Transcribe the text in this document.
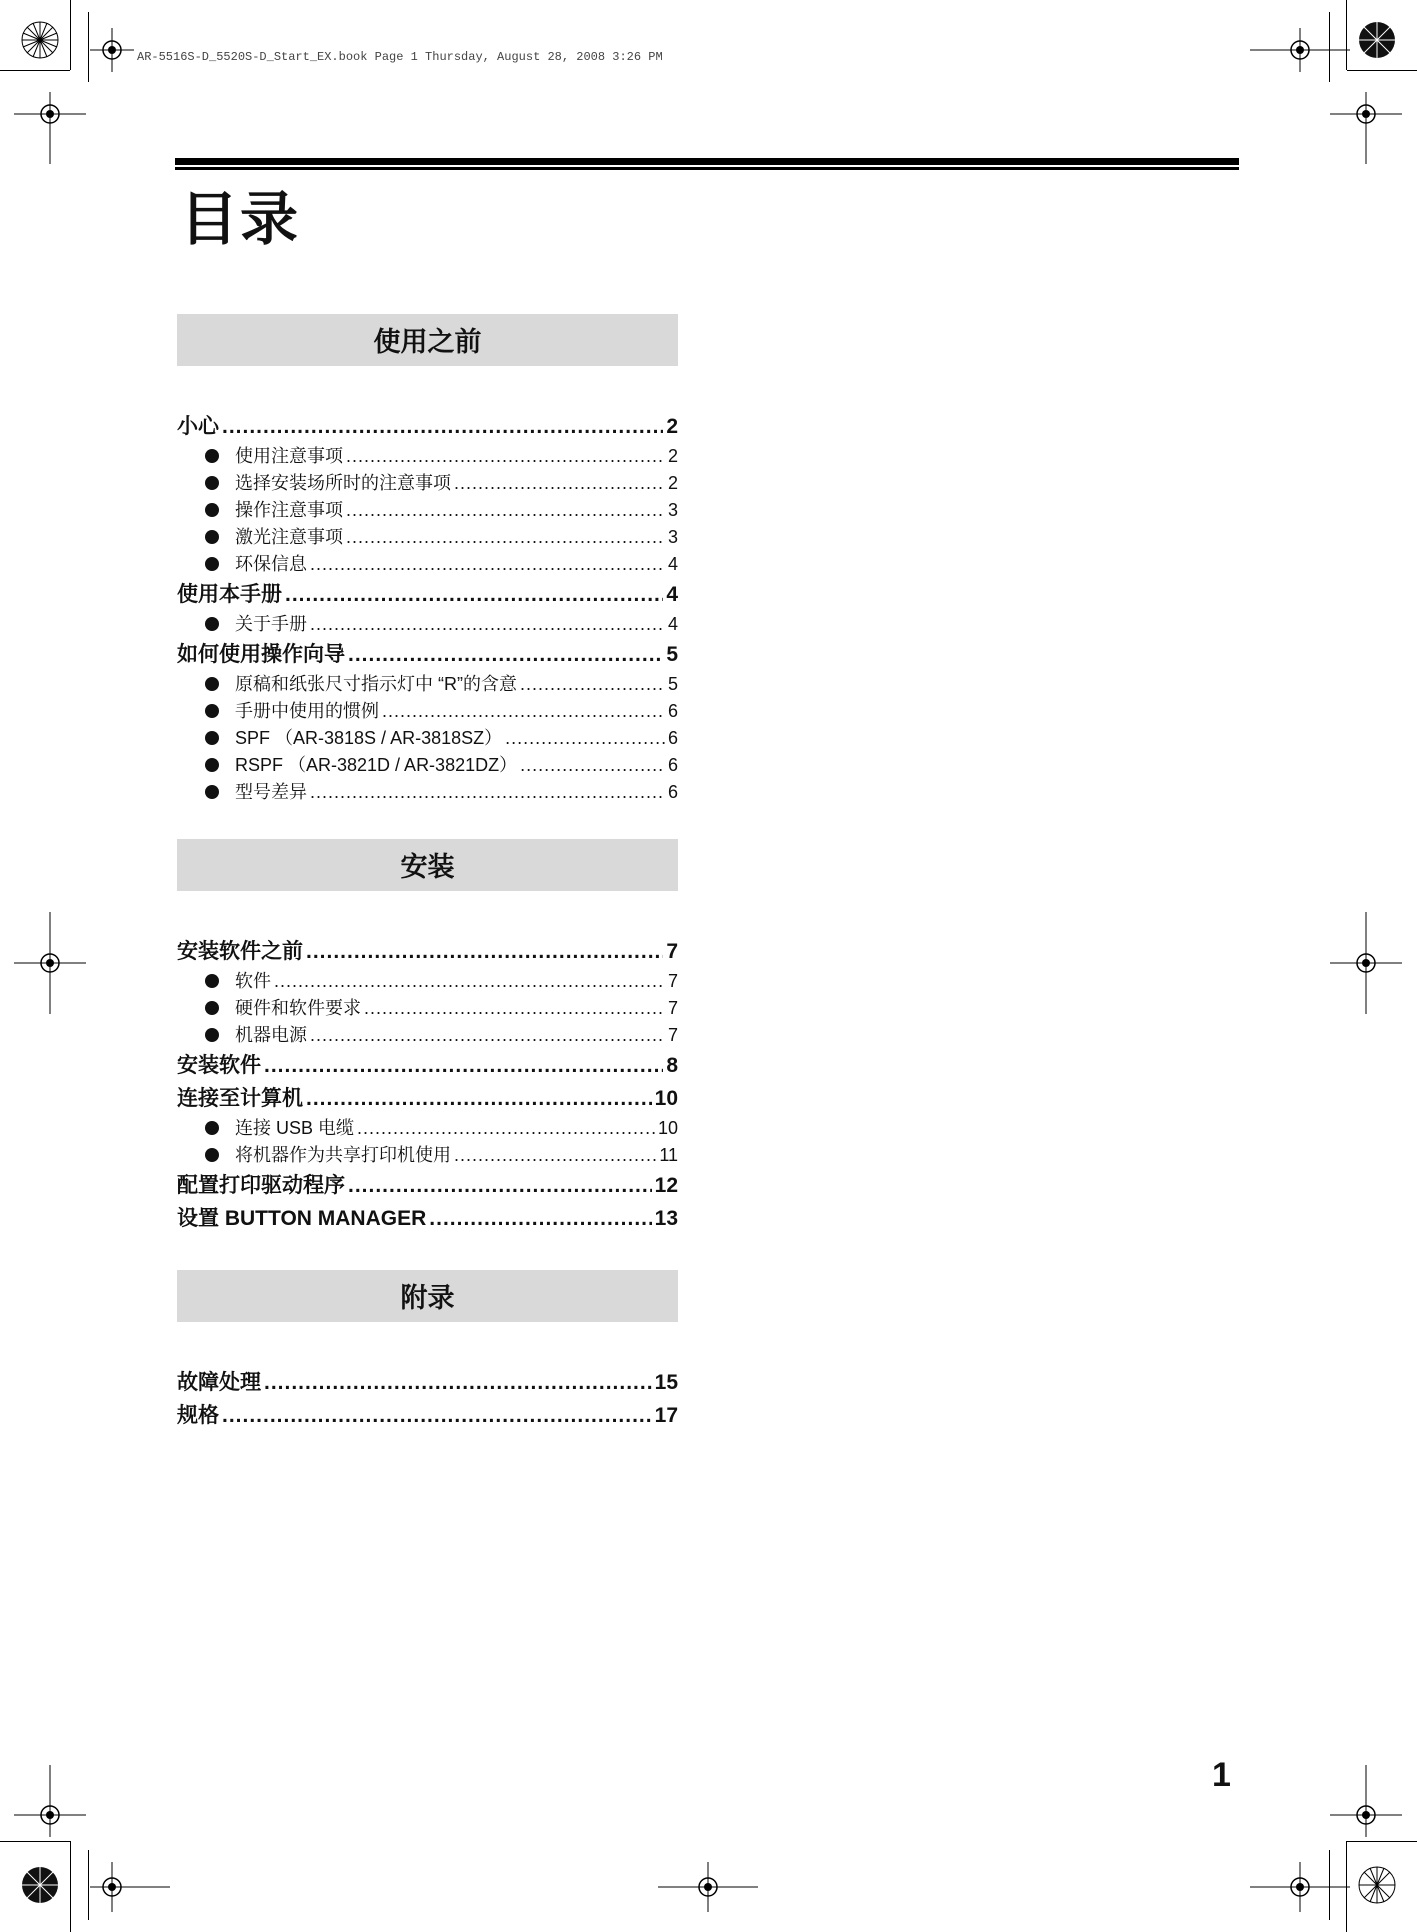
AR-5516S-D_5520S-D_Start_EX.book Page 1 Thursday, August 28, 2008 3:26 PM
目录
使用之前
小心 .....	2
使用注意事项 .....	2
选择安装场所时的注意事项 .....	2
操作注意事项 .....	3
激光注意事项 .....	3
环保信息 .....	4
使用本手册 .....	4
关于手册 .....	4
如何使用操作向导 .....	5
原稿和纸张尺寸指示灯中 “R”的含意 .....	5
手册中使用的惯例 .....	6
SPF （AR-3818S / AR-3818SZ） .....	6
RSPF （AR-3821D / AR-3821DZ） .....	6
型号差异 .....	6
安装
安装软件之前 .....	7
软件 .....	7
硬件和软件要求 .....	7
机器电源 .....	7
安装软件 .....	8
连接至计算机 .....	10
连接 USB 电缆 .....	10
将机器作为共享打印机使用 .....	11
配置打印驱动程序 .....	12
设置 BUTTON MANAGER .....	13
附录
故障处理 .....	15
规格 .....	17
1
